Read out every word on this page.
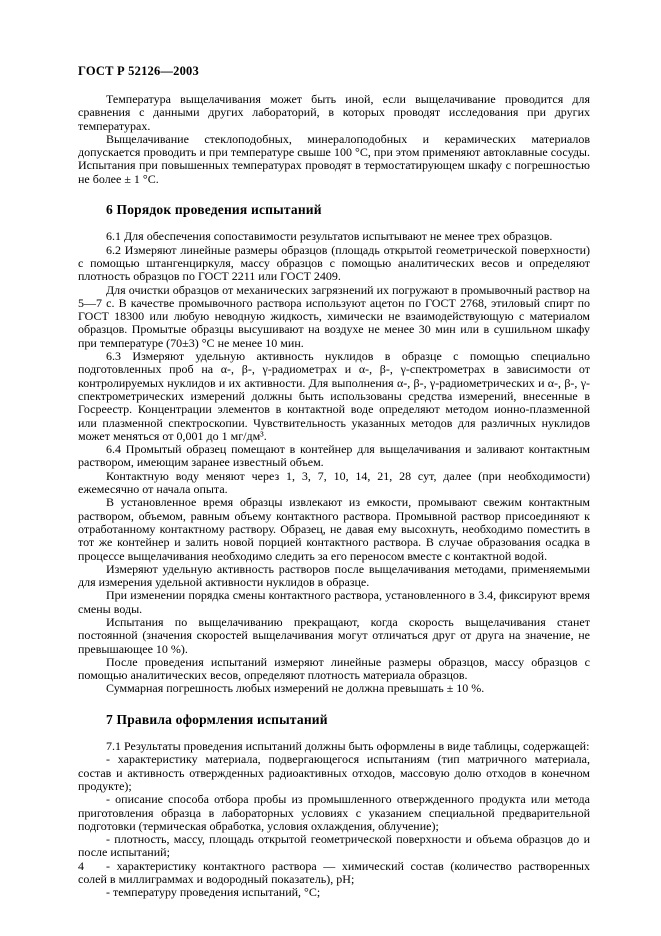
ГОСТ Р 52126—2003

Температура выщелачивания может быть иной, если выщелачивание проводится для сравнения с данными других лабораторий, в которых проводят исследования при других температурах.

Выщелачивание стеклоподобных, минералоподобных и керамических материалов допускается проводить и при температуре свыше 100 °С, при этом применяют автоклавные сосуды. Испытания при повышенных температурах проводят в термостатирующем шкафу с погрешностью не более ± 1 °С.

6 Порядок проведения испытаний

6.1 Для обеспечения сопоставимости результатов испытывают не менее трех образцов.

6.2 Измеряют линейные размеры образцов (площадь открытой геометрической поверхности) с помощью штангенциркуля, массу образцов с помощью аналитических весов и определяют плотность образцов по ГОСТ 2211 или ГОСТ 2409.

Для очистки образцов от механических загрязнений их погружают в промывочный раствор на 5—7 с. В качестве промывочного раствора используют ацетон по ГОСТ 2768, этиловый спирт по ГОСТ 18300 или любую неводную жидкость, химически не взаимодействующую с материалом образцов. Промытые образцы высушивают на воздухе не менее 30 мин или в сушильном шкафу при температуре (70±3) °С не менее 10 мин.

6.3 Измеряют удельную активность нуклидов в образце с помощью специально подготовленных проб на α-, β-, γ-радиометрах и α-, β-, γ-спектрометрах в зависимости от контролируемых нуклидов и их активности. Для выполнения α-, β-, γ-радиометрических и α-, β-, γ-спектрометрических измерений должны быть использованы средства измерений, внесенные в Госреестр. Концентрации элементов в контактной воде определяют методом ионно-плазменной или плазменной спектроскопии. Чувствительность указанных методов для различных нуклидов может меняться от 0,001 до 1 мг/дм³.

6.4 Промытый образец помещают в контейнер для выщелачивания и заливают контактным раствором, имеющим заранее известный объем.

Контактную воду меняют через 1, 3, 7, 10, 14, 21, 28 сут, далее (при необходимости) ежемесячно от начала опыта.

В установленное время образцы извлекают из емкости, промывают свежим контактным раствором, объемом, равным объему контактного раствора. Промывной раствор присоединяют к отработанному контактному раствору. Образец, не давая ему высохнуть, необходимо поместить в тот же контейнер и залить новой порцией контактного раствора. В случае образования осадка в процессе выщелачивания необходимо следить за его переносом вместе с контактной водой.

Измеряют удельную активность растворов после выщелачивания методами, применяемыми для измерения удельной активности нуклидов в образце.

При изменении порядка смены контактного раствора, установленного в 3.4, фиксируют время смены воды.

Испытания по выщелачиванию прекращают, когда скорость выщелачивания станет постоянной (значения скоростей выщелачивания могут отличаться друг от друга на значение, не превышающее 10 %).

После проведения испытаний измеряют линейные размеры образцов, массу образцов с помощью аналитических весов, определяют плотность материала образцов.

Суммарная погрешность любых измерений не должна превышать ± 10 %.

7 Правила оформления испытаний

7.1 Результаты проведения испытаний должны быть оформлены в виде таблицы, содержащей:

- характеристику материала, подвергающегося испытаниям (тип матричного материала, состав и активность отвержденных радиоактивных отходов, массовую долю отходов в конечном продукте);

- описание способа отбора пробы из промышленного отвержденного продукта или метода приготовления образца в лабораторных условиях с указанием специальной предварительной подготовки (термическая обработка, условия охлаждения, облучение);

- плотность, массу, площадь открытой геометрической поверхности и объема образцов до и после испытаний;

- характеристику контактного раствора — химический состав (количество растворенных солей в миллиграммах и водородный показатель), pH;

- температуру проведения испытаний, °С;

4
